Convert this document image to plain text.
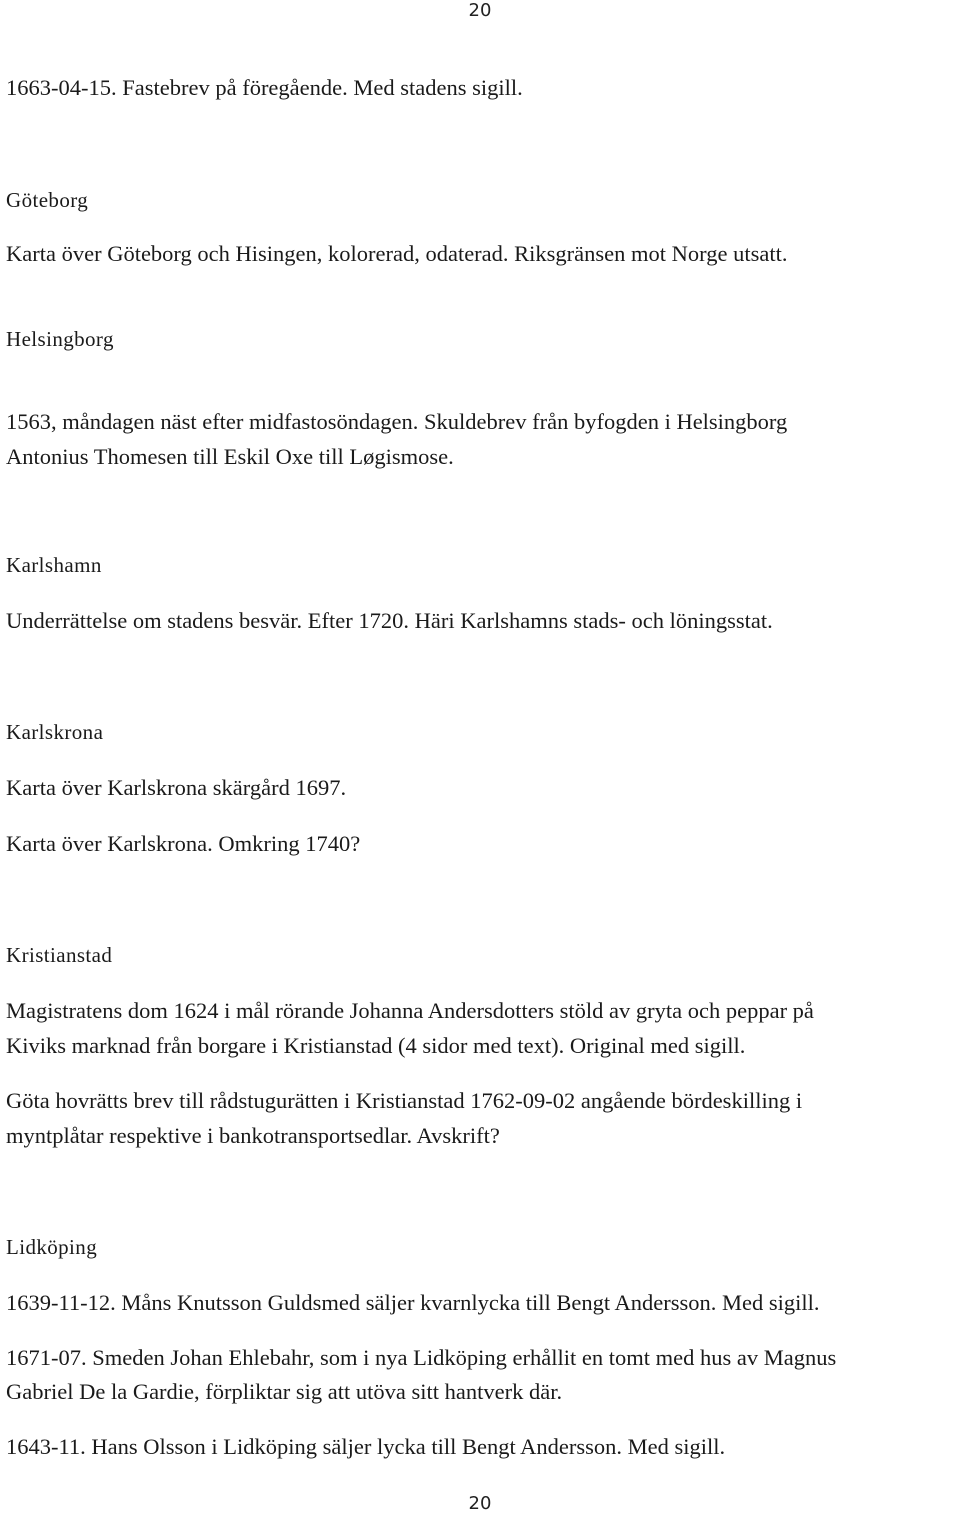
20
1663-04-15. Fastebrev på föregående. Med stadens sigill.
Göteborg
Karta över Göteborg och Hisingen, kolorerad, odaterad. Riksgränsen mot Norge utsatt.
Helsingborg
1563, måndagen näst efter midfastosöndagen. Skuldebrev från byfogden i Helsingborg
Antonius Thomesen till Eskil Oxe till Løgismose.
Karlshamn
Underrättelse om stadens besvär. Efter 1720. Häri Karlshamns stads- och löningsstat.
Karlskrona
Karta över Karlskrona skärgård 1697.
Karta över Karlskrona. Omkring 1740?
Kristianstad
Magistratens dom 1624 i mål rörande Johanna Andersdotters stöld av gryta och peppar på
Kiviks marknad från borgare i Kristianstad (4 sidor med text). Original med sigill.
Göta hovrätts brev till rådstugurätten i Kristianstad 1762-09-02 angående bördeskilling i
myntplåtar respektive i bankotransportsedlar. Avskrift?
Lidköping
1639-11-12. Måns Knutsson Guldsmed säljer kvarnlycka till Bengt Andersson. Med sigill.
1671-07. Smeden Johan Ehlebahr, som i nya Lidköping erhållit en tomt med hus av Magnus
Gabriel De la Gardie, förpliktar sig att utöva sitt hantverk där.
1643-11. Hans Olsson i Lidköping säljer lycka till Bengt Andersson. Med sigill.
20
